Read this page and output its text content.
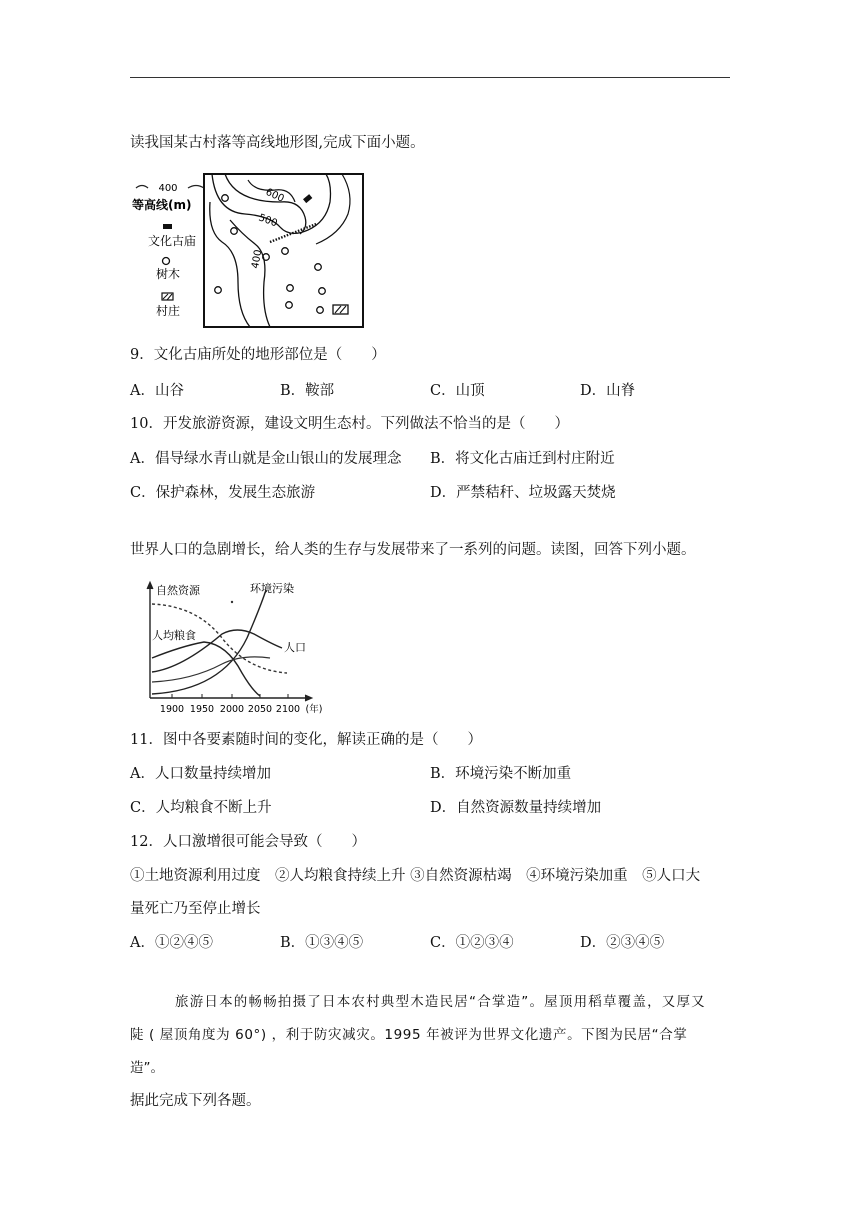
读我国某古村落等高线地形图,完成下面小题。
400
等高线(m)
文化古庙
树木
村庄
600
500
400
9．文化古庙所处的地形部位是（　　）
A．山谷	B．鞍部	C．山顶	D．山脊
10．开发旅游资源，建设文明生态村。下列做法不恰当的是（　　）
A．倡导绿水青山就是金山银山的发展理念 B．将文化古庙迁到村庄附近
C．保护森林，发展生态旅游	D．严禁秸秆、垃圾露天焚烧
世界人口的急剧增长，给人类的生存与发展带来了一系列的问题。读图，回答下列小题。
自然资源	环境污染
人均粮食
人口
1900 1950 2000 2050 2100 (年)
11．图中各要素随时间的变化，解读正确的是（　　）
A．人口数量持续增加	B．环境污染不断加重
C．人均粮食不断上升	D．自然资源数量持续增加
12．人口激增很可能会导致（　　）
①土地资源利用过度　②人均粮食持续上升 ③自然资源枯竭　④环境污染加重　⑤人口大
量死亡乃至停止增长
A．①②④⑤	B．①③④⑤	C．①②③④	D．②③④⑤
旅游日本的畅畅拍摄了日本农村典型木造民居“合掌造”。屋顶用稻草覆盖，又厚又
陡 ( 屋顶角度为 60°) ，利于防灾减灾。1995 年被评为世界文化遗产。下图为民居“合掌
造”。
据此完成下列各题。
